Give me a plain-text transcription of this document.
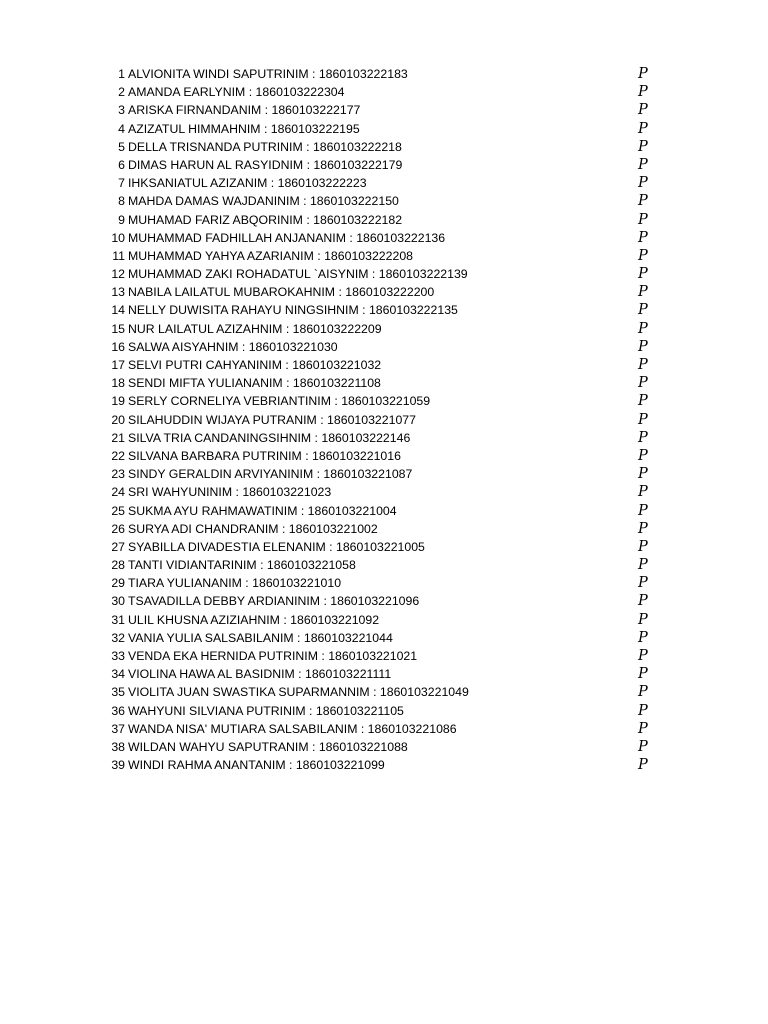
1 ALVIONITA WINDI SAPUTRINIM : 1860103222183	P
2 AMANDA EARLYNIM : 1860103222304	P
3 ARISKA FIRNANDANIM : 1860103222177	P
4 AZIZATUL HIMMAHNIM : 1860103222195	P
5 DELLA TRISNANDA PUTRINIM : 1860103222218	P
6 DIMAS HARUN AL RASYIDNIM : 1860103222179	P
7 IHKSANIATUL AZIZANIM : 1860103222223	P
8 MAHDA DAMAS WAJDANINIM : 1860103222150	P
9 MUHAMAD FARIZ ABQORINIM : 1860103222182	P
10 MUHAMMAD FADHILLAH ANJANANIM : 1860103222136	P
11 MUHAMMAD YAHYA AZARIANIM : 1860103222208	P
12 MUHAMMAD ZAKI ROHADATUL `AISYNIM : 1860103222139	P
13 NABILA LAILATUL MUBAROKAHNIM : 1860103222200	P
14 NELLY DUWISITA RAHAYU NINGSIHNIM : 1860103222135	P
15 NUR LAILATUL AZIZAHNIM : 1860103222209	P
16 SALWA AISYAHNIM : 1860103221030	P
17 SELVI PUTRI CAHYANINIM : 1860103221032	P
18 SENDI MIFTA YULIANANIM : 1860103221108	P
19 SERLY CORNELIYA VEBRIANTINIM : 1860103221059	P
20 SILAHUDDIN WIJAYA PUTRANIM : 1860103221077	P
21 SILVA TRIA CANDANINGSIHNIM : 1860103222146	P
22 SILVANA BARBARA PUTRINIM : 1860103221016	P
23 SINDY GERALDIN ARVIYANINIM : 1860103221087	P
24 SRI WAHYUNINIM : 1860103221023	P
25 SUKMA AYU RAHMAWATINIM : 1860103221004	P
26 SURYA ADI CHANDRANIM : 1860103221002	P
27 SYABILLA DIVADESTIA ELENANIM : 1860103221005	P
28 TANTI VIDIANTARINIM : 1860103221058	P
29 TIARA YULIANANIM : 1860103221010	P
30 TSAVADILLA DEBBY ARDIANINIM : 1860103221096	P
31 ULIL KHUSNA AZIZIAHNIM : 1860103221092	P
32 VANIA YULIA SALSABILANIM : 1860103221044	P
33 VENDA EKA HERNIDA PUTRINIM : 1860103221021	P
34 VIOLINA HAWA AL BASIDNIM : 1860103221111	P
35 VIOLITA JUAN SWASTIKA SUPARMANNIM : 1860103221049	P
36 WAHYUNI SILVIANA PUTRINIM : 1860103221105	P
37 WANDA NISA' MUTIARA SALSABILANIM : 1860103221086	P
38 WILDAN WAHYU SAPUTRANIM : 1860103221088	P
39 WINDI RAHMA ANANTANIM : 1860103221099	P
